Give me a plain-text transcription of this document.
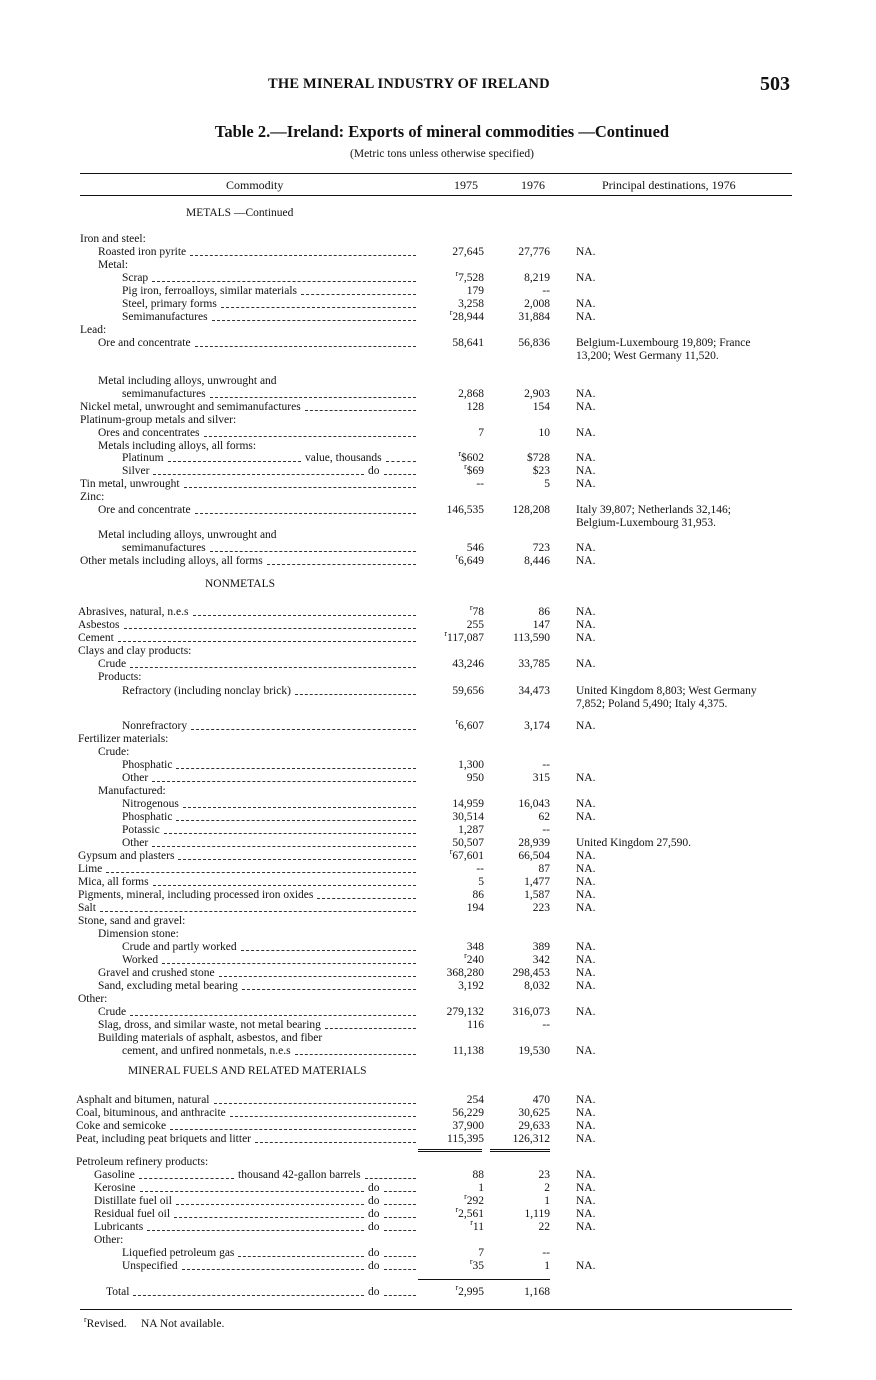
THE MINERAL INDUSTRY OF IRELAND	503
Table 2.—Ireland: Exports of mineral commodities —Continued
(Metric tons unless otherwise specified)
Commodity	1975	1976	Principal destinations, 1976
METALS —Continued
NONMETALS
MINERAL FUELS AND RELATED MATERIALS
Iron and steel:
Roasted iron pyrite	27,645	27,776 NA.
Metal:
Scrap	$^r$7,528	8,219 NA.
Pig iron, ferroalloys, similar materials	179	--
Steel, primary forms	3,258	2,008 NA.
Semimanufactures	$^r$28,944	31,884 NA.
Lead:
Ore and concentrate	58,641	56,836 Belgium-Luxembourg 19,809; France 13,200; West Germany 11,520.
Metal including alloys, unwrought and
semimanufactures	2,868	2,903 NA.
Nickel metal, unwrought and semimanufactures	128	154 NA.
Platinum-group metals and silver:
Ores and concentrates	7	10 NA.
Metals including alloys, all forms:
Platinum	value, thousands	$^r$\$602	$728 NA.
Silver	do	$^r$\$69	$23 NA.
Tin metal, unwrought	--	5 NA.
Zinc:
Ore and concentrate	146,535	128,208 Italy 39,807; Netherlands 32,146; Belgium-Luxembourg 31,953.
Metal including alloys, unwrought and
semimanufactures	546	723 NA.
Other metals including alloys, all forms	$^r$6,649	8,446 NA.
Abrasives, natural, n.e.s	$^r$78	86 NA.
Asbestos	255	147 NA.
Cement	$^r$117,087	113,590 NA.
Clays and clay products:
Crude	43,246	33,785 NA.
Products:
Refractory (including nonclay brick)	59,656	34,473 United Kingdom 8,803; West Germany 7,852; Poland 5,490; Italy 4,375.
Nonrefractory	$^r$6,607	3,174 NA.
Fertilizer materials:
Crude:
Phosphatic	1,300	--
Other	950	315 NA.
Manufactured:
Nitrogenous	14,959	16,043 NA.
Phosphatic	30,514	62 NA.
Potassic	1,287	--
Other	50,507	28,939 United Kingdom 27,590.
Gypsum and plasters	$^r$67,601	66,504 NA.
Lime	--	87 NA.
Mica, all forms	5	1,477 NA.
Pigments, mineral, including processed iron oxides	86	1,587 NA.
Salt	194	223 NA.
Stone, sand and gravel:
Dimension stone:
Crude and partly worked	348	389 NA.
Worked	$^r$240	342 NA.
Gravel and crushed stone	368,280	298,453 NA.
Sand, excluding metal bearing	3,192	8,032 NA.
Other:
Crude	279,132	316,073 NA.
Slag, dross, and similar waste, not metal bearing	116	--
Building materials of asphalt, asbestos, and fiber
cement, and unfired nonmetals, n.e.s	11,138	19,530 NA.
Asphalt and bitumen, natural	254	470 NA.
Coal, bituminous, and anthracite	56,229	30,625 NA.
Coke and semicoke	37,900	29,633 NA.
Peat, including peat briquets and litter	115,395	126,312 NA.
Petroleum refinery products:
Gasoline	thousand 42-gallon barrels	88	23 NA.
Kerosine	do	1	2 NA.
Distillate fuel oil	do	$^r$292	1 NA.
Residual fuel oil	do	$^r$2,561	1,119 NA.
Lubricants	do	$^r$11	22 NA.
Other:
Liquefied petroleum gas	do	7	--
Unspecified	do	$^r$35	1 NA.
Total	do	$^r$2,995	1,168
$^r$Revised. NA Not available.
